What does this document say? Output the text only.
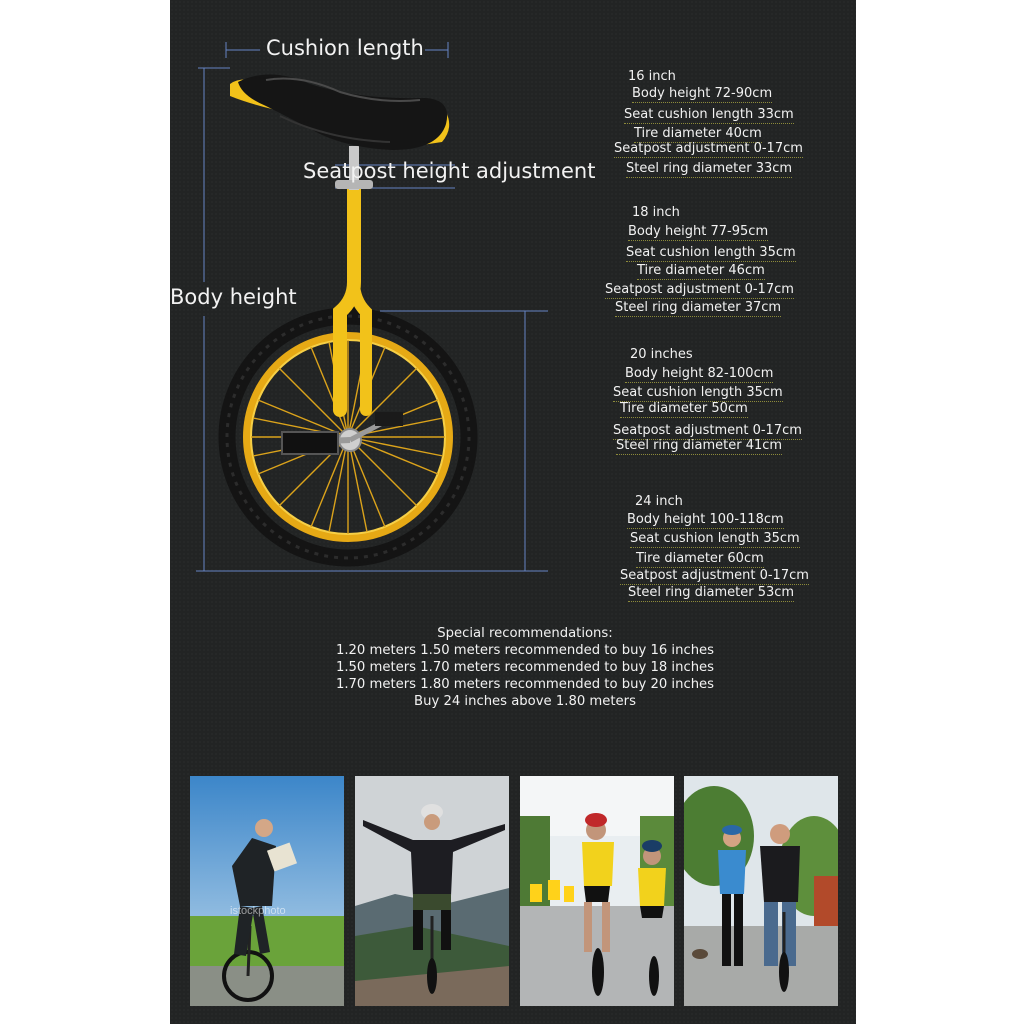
Cushion length
Seatpost height adjustment
Body height
16 inch
Body height 72-90cm
Seat cushion length 33cm
Tire diameter 40cm
Seatpost adjustment 0-17cm
Steel ring diameter 33cm
18 inch
Body height 77-95cm
Seat cushion length 35cm
Tire diameter 46cm
Seatpost adjustment 0-17cm
Steel ring diameter 37cm
20 inches
Body height 82-100cm
Seat cushion length 35cm
Tire diameter 50cm
Seatpost adjustment 0-17cm
Steel ring diameter 41cm
24 inch
Body height 100-118cm
Seat cushion length 35cm
Tire diameter 60cm
Seatpost adjustment 0-17cm
Steel ring diameter 53cm
Special recommendations:
1.20 meters 1.50 meters recommended to buy 16 inches
1.50 meters 1.70 meters recommended to buy 18 inches
1.70 meters 1.80 meters recommended to buy 20 inches
Buy 24 inches above 1.80 meters
istockphoto
